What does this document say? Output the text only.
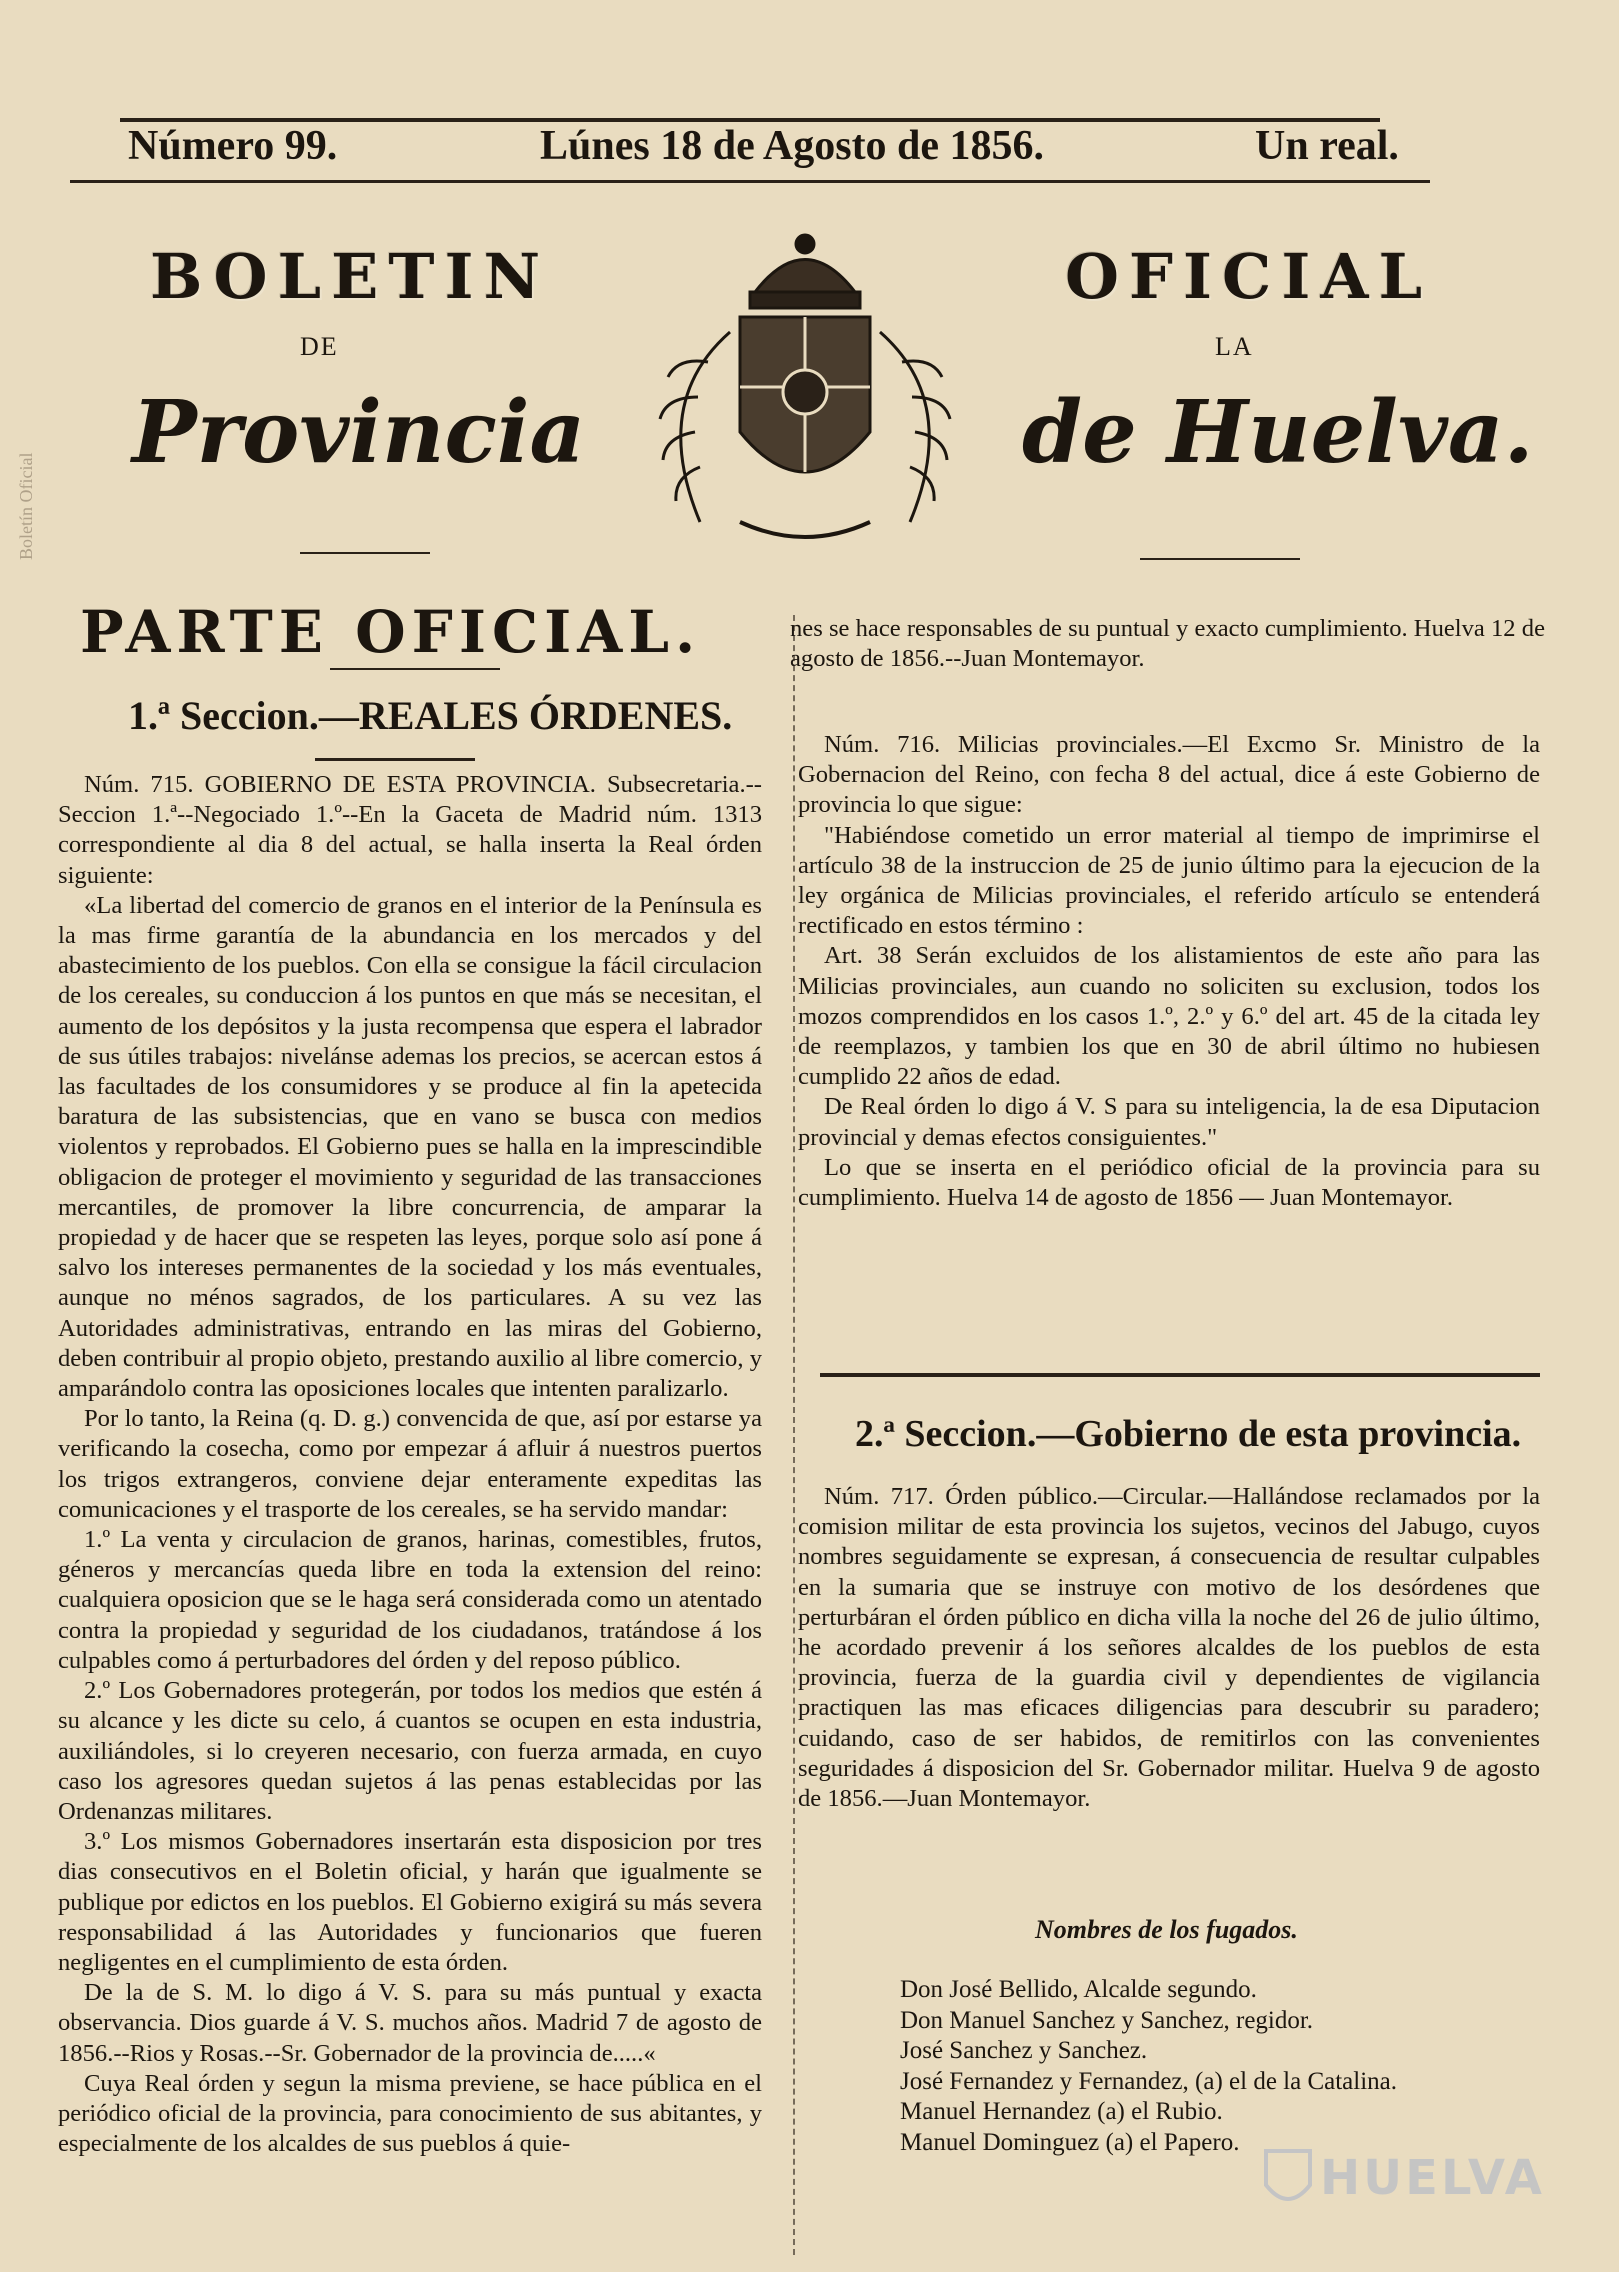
Boletín Oficial
Número 99.	Lúnes 18 de Agosto de 1856.	Un real.
BOLETIN
DE
Provincia
OFICIAL
LA
de Huelva.
PARTE OFICIAL.
1.ª Seccion.—REALES ÓRDENES.

Núm. 715. GOBIERNO DE ESTA PROVINCIA. Subsecretaria.--Seccion 1.ª--Negociado 1.º--En la Gaceta de Madrid núm. 1313 correspondiente al dia 8 del actual, se halla inserta la Real órden siguiente:

«La libertad del comercio de granos en el interior de la Península es la mas firme garantía de la abundancia en los mercados y del abastecimiento de los pueblos. Con ella se consigue la fácil circulacion de los cereales, su conduccion á los puntos en que más se necesitan, el aumento de los depósitos y la justa recompensa que espera el labrador de sus útiles trabajos: nivelánse ademas los precios, se acercan estos á las facultades de los consumidores y se produce al fin la apetecida baratura de las subsistencias, que en vano se busca con medios violentos y reprobados. El Gobierno pues se halla en la imprescindible obligacion de proteger el movimiento y seguridad de las transacciones mercantiles, de promover la libre concurrencia, de amparar la propiedad y de hacer que se respeten las leyes, porque solo así pone á salvo los intereses permanentes de la sociedad y los más eventuales, aunque no ménos sagrados, de los particulares. A su vez las Autoridades administrativas, entrando en las miras del Gobierno, deben contribuir al propio objeto, prestando auxilio al libre comercio, y amparándolo contra las oposiciones locales que intenten paralizarlo.

Por lo tanto, la Reina (q. D. g.) convencida de que, así por estarse ya verificando la cosecha, como por empezar á afluir á nuestros puertos los trigos extrangeros, conviene dejar enteramente expeditas las comunicaciones y el trasporte de los cereales, se ha servido mandar:

1.º La venta y circulacion de granos, harinas, comestibles, frutos, géneros y mercancías queda libre en toda la extension del reino: cualquiera oposicion que se le haga será considerada como un atentado contra la propiedad y seguridad de los ciudadanos, tratándose á los culpables como á perturbadores del órden y del reposo público.

2.º Los Gobernadores protegerán, por todos los medios que estén á su alcance y les dicte su celo, á cuantos se ocupen en esta industria, auxiliándoles, si lo creyeren necesario, con fuerza armada, en cuyo caso los agresores quedan sujetos á las penas establecidas por las Ordenanzas militares.

3.º Los mismos Gobernadores insertarán esta disposicion por tres dias consecutivos en el Boletin oficial, y harán que igualmente se publique por edictos en los pueblos. El Gobierno exigirá su más severa responsabilidad á las Autoridades y funcionarios que fueren negligentes en el cumplimiento de esta órden.

De la de S. M. lo digo á V. S. para su más puntual y exacta observancia. Dios guarde á V. S. muchos años. Madrid 7 de agosto de 1856.--Rios y Rosas.--Sr. Gobernador de la provincia de.....«

Cuya Real órden y segun la misma previene, se hace pública en el periódico oficial de la provincia, para conocimiento de sus abitantes, y especialmente de los alcaldes de sus pueblos á quie-

nes se hace responsables de su puntual y exacto cumplimiento. Huelva 12 de agosto de 1856.--Juan Montemayor.

Núm. 716. Milicias provinciales.—El Excmo Sr. Ministro de la Gobernacion del Reino, con fecha 8 del actual, dice á este Gobierno de provincia lo que sigue:

"Habiéndose cometido un error material al tiempo de imprimirse el artículo 38 de la instruccion de 25 de junio último para la ejecucion de la ley orgánica de Milicias provinciales, el referido artículo se entenderá rectificado en estos término :

Art. 38 Serán excluidos de los alistamientos de este año para las Milicias provinciales, aun cuando no soliciten su exclusion, todos los mozos comprendidos en los casos 1.º, 2.º y 6.º del art. 45 de la citada ley de reemplazos, y tambien los que en 30 de abril último no hubiesen cumplido 22 años de edad.

De Real órden lo digo á V. S para su inteligencia, la de esa Diputacion provincial y demas efectos consiguientes."

Lo que se inserta en el periódico oficial de la provincia para su cumplimiento. Huelva 14 de agosto de 1856 — Juan Montemayor.

2.ª Seccion.—Gobierno de esta provincia.

Núm. 717. Órden público.—Circular.—Hallándose reclamados por la comision militar de esta provincia los sujetos, vecinos del Jabugo, cuyos nombres seguidamente se expresan, á consecuencia de resultar culpables en la sumaria que se instruye con motivo de los desórdenes que perturbáran el órden público en dicha villa la noche del 26 de julio último, he acordado prevenir á los señores alcaldes de los pueblos de esta provincia, fuerza de la guardia civil y dependientes de vigilancia practiquen las mas eficaces diligencias para descubrir su paradero; cuidando, caso de ser habidos, de remitirlos con las convenientes seguridades á disposicion del Sr. Gobernador militar. Huelva 9 de agosto de 1856.—Juan Montemayor.

Nombres de los fugados.
Don José Bellido, Alcalde segundo.
Don Manuel Sanchez y Sanchez, regidor.
José Sanchez y Sanchez.
José Fernandez y Fernandez, (a) el de la Catalina.
Manuel Hernandez (a) el Rubio.
Manuel Dominguez (a) el Papero.
HUELVA
